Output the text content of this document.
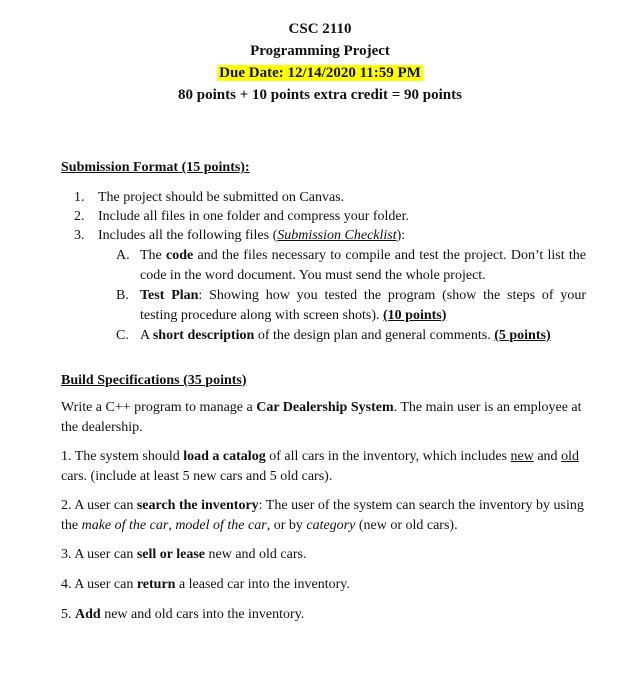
CSC 2110
Programming Project
Due Date: 12/14/2020 11:59 PM
80 points + 10 points extra credit = 90 points
Submission Format (15 points):
1. The project should be submitted on Canvas.
2. Include all files in one folder and compress your folder.
3. Includes all the following files (Submission Checklist):
A. The code and the files necessary to compile and test the project. Don’t list the code in the word document. You must send the whole project.
B. Test Plan: Showing how you tested the program (show the steps of your testing procedure along with screen shots). (10 points)
C. A short description of the design plan and general comments. (5 points)
Build Specifications (35 points)

Write a C++ program to manage a Car Dealership System. The main user is an employee at the dealership.

1. The system should load a catalog of all cars in the inventory, which includes new and old cars. (include at least 5 new cars and 5 old cars).

2. A user can search the inventory: The user of the system can search the inventory by using the make of the car, model of the car, or by category (new or old cars).

3. A user can sell or lease new and old cars.

4. A user can return a leased car into the inventory.

5. Add new and old cars into the inventory.
